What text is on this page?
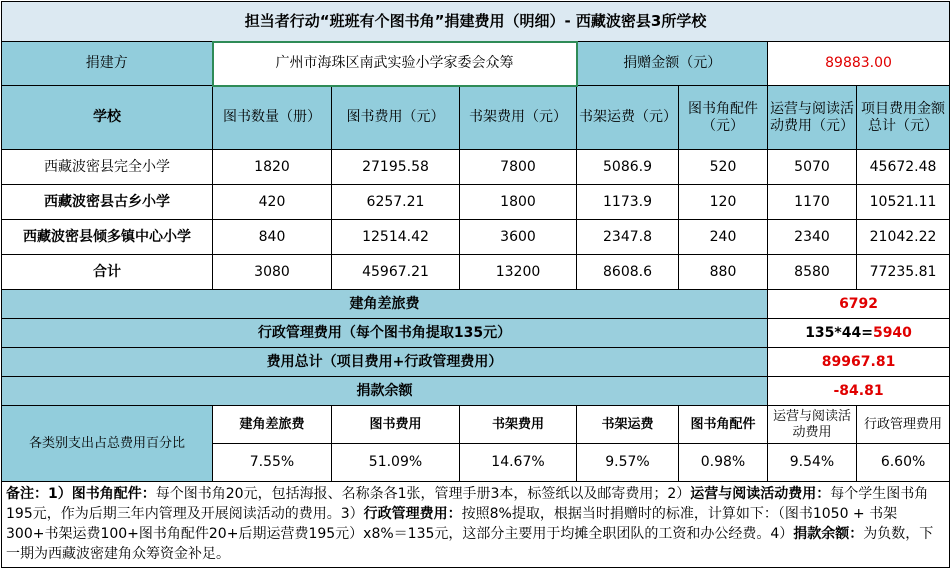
担当者行动“班班有个图书角”捐建费用（明细）- 西藏波密县3所学校							
捐建方	广州市海珠区南武实验小学家委会众筹			捐赠金额（元）		89883.00	
学校	图书数量（册）	图书费用（元）	书架费用（元）	书架运费（元）	图书角配件（元）	运营与阅读活动费用（元）	项目费用金额总计（元）
西藏波密县完全小学	1820	27195.58	7800	5086.9	520	5070	45672.48
西藏波密县古乡小学	420	6257.21	1800	1173.9	120	1170	10521.11
西藏波密县倾多镇中心小学	840	12514.42	3600	2347.8	240	2340	21042.22
合计	3080	45967.21	13200	8608.6	880	8580	77235.81
建角差旅费						6792	
行政管理费用（每个图书角提取135元）						135*44=5940	
费用总计（项目费用+行政管理费用）						89967.81	
捐款余额						-84.81	
各类别支出占总费用百分比	建角差旅费	图书费用	书架费用	书架运费	图书角配件	运营与阅读活动费用	行政管理费用
	7.55%	51.09%	14.67%	9.57%	0.98%	9.54%	6.60%
备注：1）图书角配件：每个图书角20元，包括海报、名称条各1张，管理手册3本，标签纸以及邮寄费用；2）运营与阅读活动费用：每个学生图书角195元，作为后期三年内管理及开展阅读活动的费用。3）行政管理费用：按照8%提取，根据当时捐赠时的标准，计算如下：（图书1050 + 书架300+书架运费100+图书角配件20+后期运营费195元）x8%＝135元，这部分主要用于均摊全职团队的工资和办公经费。4）捐款余额：为负数，下一期为西藏波密建角众筹资金补足。							
